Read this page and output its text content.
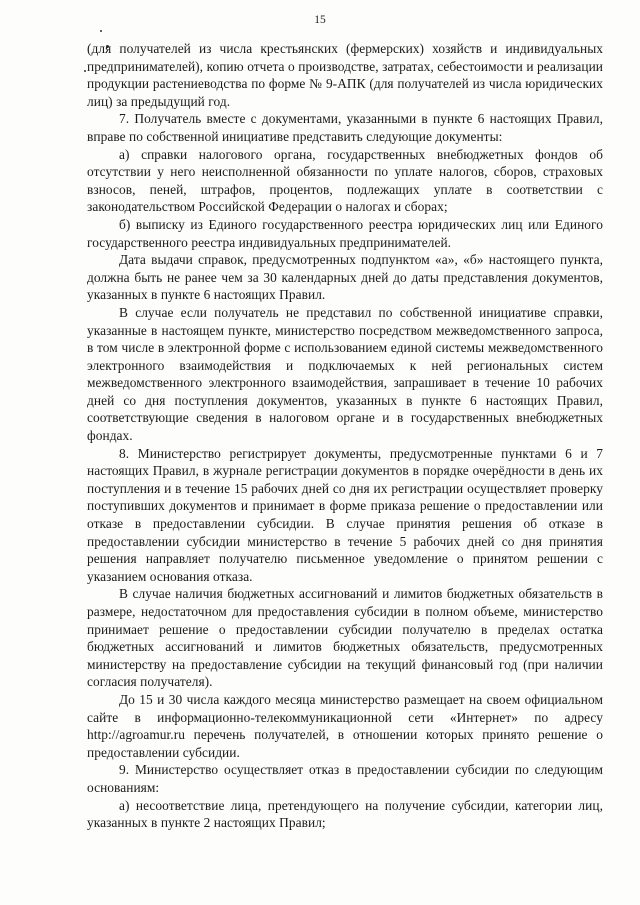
15

(для получателей из числа крестьянских (фермерских) хозяйств и индивидуальных предпринимателей), копию отчета о производстве, затратах, себестоимости и реализации продукции растениеводства по форме № 9-АПК (для получателей из числа юридических лиц) за предыдущий год.

7. Получатель вместе с документами, указанными в пункте 6 настоящих Правил, вправе по собственной инициативе представить следующие документы:

а) справки налогового органа, государственных внебюджетных фондов об отсутствии у него неисполненной обязанности по уплате налогов, сборов, страховых взносов, пеней, штрафов, процентов, подлежащих уплате в соответствии с законодательством Российской Федерации о налогах и сборах;

б) выписку из Единого государственного реестра юридических лиц или Единого государственного реестра индивидуальных предпринимателей.

Дата выдачи справок, предусмотренных подпунктом «а», «б» настоящего пункта, должна быть не ранее чем за 30 календарных дней до даты представления документов, указанных в пункте 6 настоящих Правил.

В случае если получатель не представил по собственной инициативе справки, указанные в настоящем пункте, министерство посредством межведомственного запроса, в том числе в электронной форме с использованием единой системы межведомственного электронного взаимодействия и подключаемых к ней региональных систем межведомственного электронного взаимодействия, запрашивает в течение 10 рабочих дней со дня поступления документов, указанных в пункте 6 настоящих Правил, соответствующие сведения в налоговом органе и в государственных внебюджетных фондах.

8. Министерство регистрирует документы, предусмотренные пунктами 6 и 7 настоящих Правил, в журнале регистрации документов в порядке очерёдности в день их поступления и в течение 15 рабочих дней со дня их регистрации осуществляет проверку поступивших документов и принимает в форме приказа решение о предоставлении или отказе в предоставлении субсидии. В случае принятия решения об отказе в предоставлении субсидии министерство в течение 5 рабочих дней со дня принятия решения направляет получателю письменное уведомление о принятом решении с указанием основания отказа.

В случае наличия бюджетных ассигнований и лимитов бюджетных обязательств в размере, недостаточном для предоставления субсидии в полном объеме, министерство принимает решение о предоставлении субсидии получателю в пределах остатка бюджетных ассигнований и лимитов бюджетных обязательств, предусмотренных министерству на предоставление субсидии на текущий финансовый год (при наличии согласия получателя).

До 15 и 30 числа каждого месяца министерство размещает на своем официальном сайте в информационно-телекоммуникационной сети «Интернет» по адресу http://agroamur.ru перечень получателей, в отношении которых принято решение о предоставлении субсидии.

9. Министерство осуществляет отказ в предоставлении субсидии по следующим основаниям:

а) несоответствие лица, претендующего на получение субсидии, категории лиц, указанных в пункте 2 настоящих Правил;
